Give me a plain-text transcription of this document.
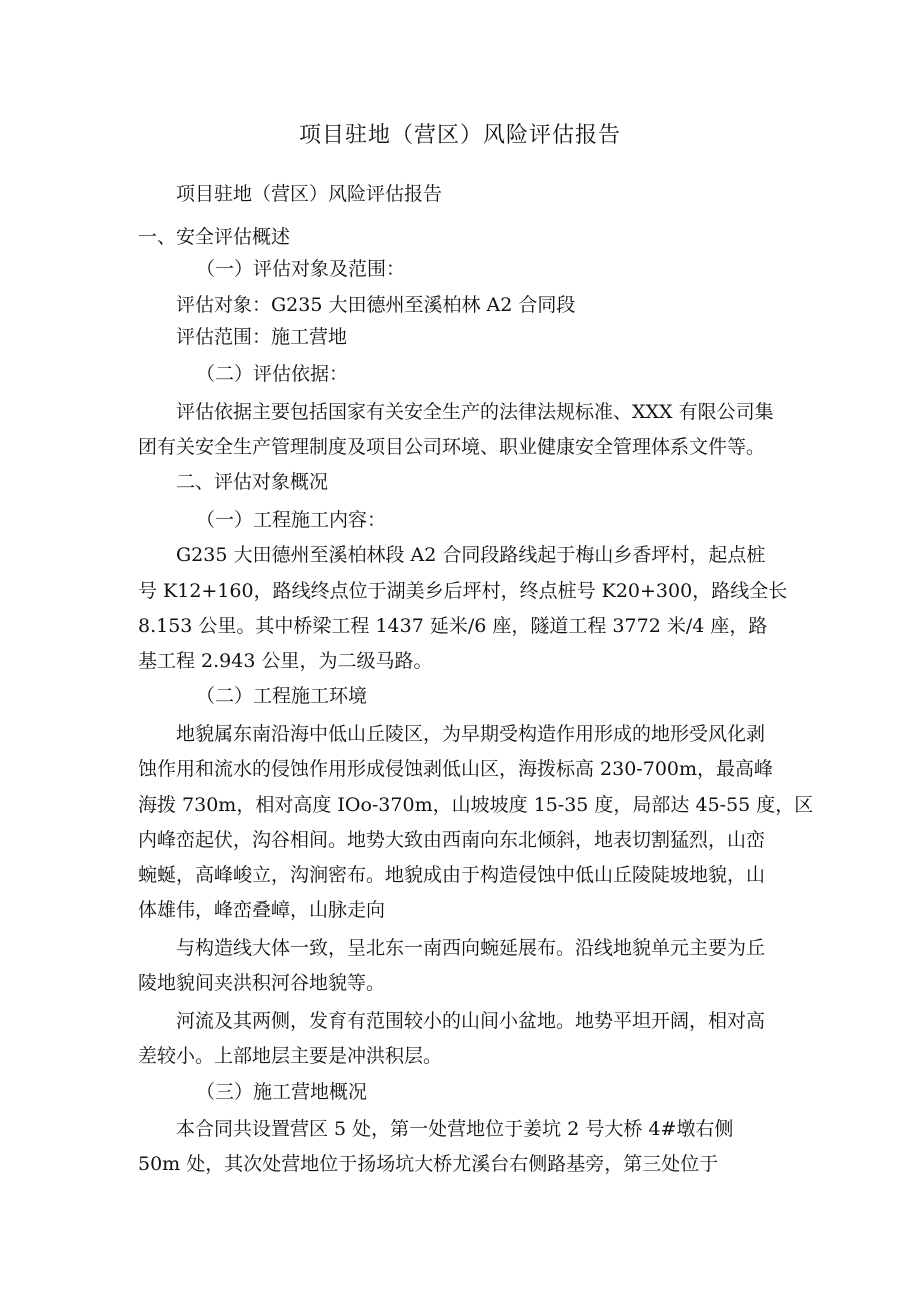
项目驻地（营区）风险评估报告
项目驻地（营区）风险评估报告
一、安全评估概述
（一）评估对象及范围：
评估对象：G235 大田德州至溪柏林 A2 合同段
评估范围：施工营地
（二）评估依据：
评估依据主要包括国家有关安全生产的法律法规标准、XXX 有限公司集
团有关安全生产管理制度及项目公司环境、职业健康安全管理体系文件等。
二、评估对象概况
（一）工程施工内容：
G235 大田德州至溪柏林段 A2 合同段路线起于梅山乡香坪村，起点桩
号 K12+160，路线终点位于湖美乡后坪村，终点桩号 K20+300，路线全长
8.153 公里。其中桥梁工程 1437 延米/6 座，隧道工程 3772 米/4 座，路
基工程 2.943 公里，为二级马路。
（二）工程施工环境
地貌属东南沿海中低山丘陵区，为早期受构造作用形成的地形受风化剥
蚀作用和流水的侵蚀作用形成侵蚀剥低山区，海拨标高 230-700m，最高峰
海拨 730m，相对高度 IOo-370m，山坡坡度 15-35 度，局部达 45-55 度，区
内峰峦起伏，沟谷相间。地势大致由西南向东北倾斜，地表切割猛烈，山峦
蜿蜒，高峰峻立，沟涧密布。地貌成由于构造侵蚀中低山丘陵陡坡地貌，山
体雄伟，峰峦叠嶂，山脉走向
与构造线大体一致，呈北东一南西向蜿延展布。沿线地貌单元主要为丘
陵地貌间夹洪积河谷地貌等。
河流及其两侧，发育有范围较小的山间小盆地。地势平坦开阔，相对高
差较小。上部地层主要是冲洪积层。
（三）施工营地概况
本合同共设置营区 5 处，第一处营地位于姜坑 2 号大桥 4#墩右侧
50m 处，其次处营地位于扬场坑大桥尤溪台右侧路基旁，第三处位于
